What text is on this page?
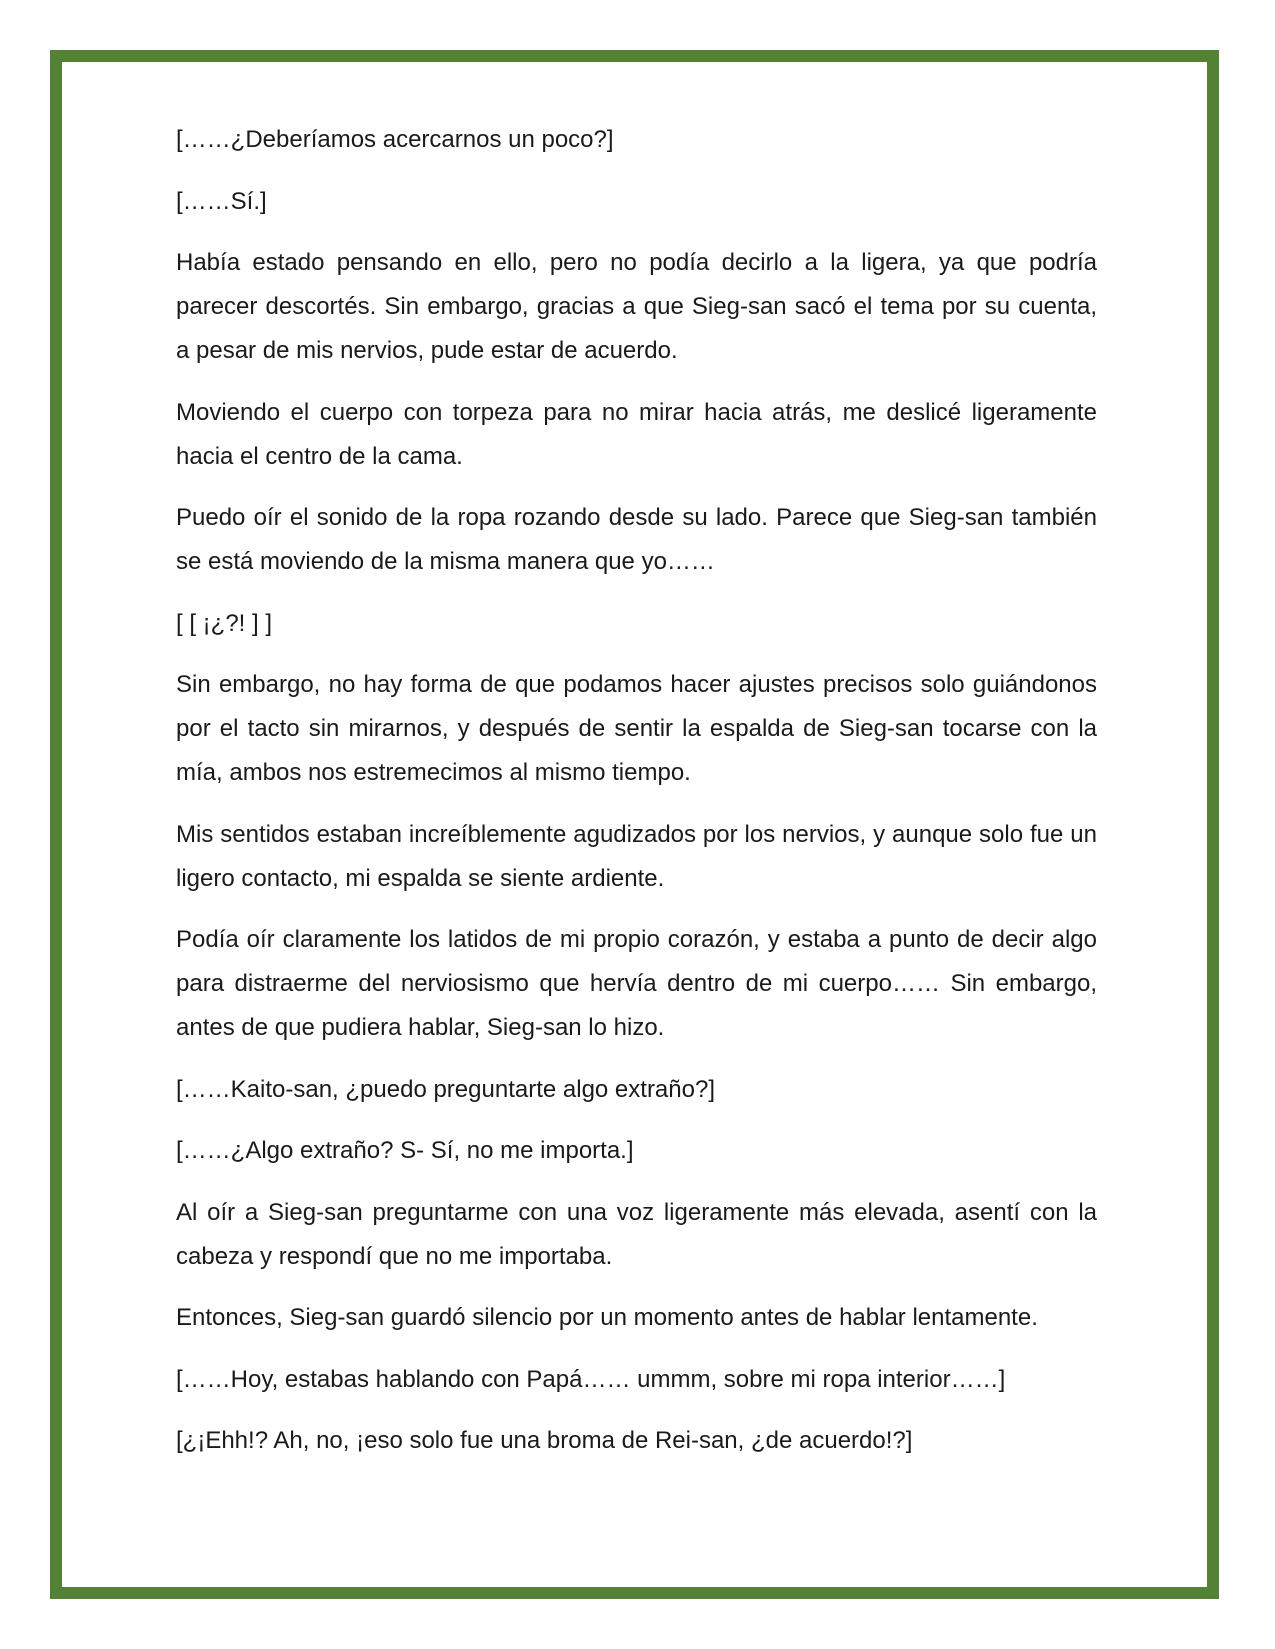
[……¿Deberíamos acercarnos un poco?]

[……Sí.]

Había estado pensando en ello, pero no podía decirlo a la ligera, ya que podría parecer descortés. Sin embargo, gracias a que Sieg-san sacó el tema por su cuenta, a pesar de mis nervios, pude estar de acuerdo.

Moviendo el cuerpo con torpeza para no mirar hacia atrás, me deslicé ligeramente hacia el centro de la cama.

Puedo oír el sonido de la ropa rozando desde su lado. Parece que Sieg-san también se está moviendo de la misma manera que yo……

[ [ ¡¿?! ] ]

Sin embargo, no hay forma de que podamos hacer ajustes precisos solo guiándonos por el tacto sin mirarnos, y después de sentir la espalda de Sieg-san tocarse con la mía, ambos nos estremecimos al mismo tiempo.

Mis sentidos estaban increíblemente agudizados por los nervios, y aunque solo fue un ligero contacto, mi espalda se siente ardiente.

Podía oír claramente los latidos de mi propio corazón, y estaba a punto de decir algo para distraerme del nerviosismo que hervía dentro de mi cuerpo…… Sin embargo, antes de que pudiera hablar, Sieg-san lo hizo.

[……Kaito-san, ¿puedo preguntarte algo extraño?]

[……¿Algo extraño? S- Sí, no me importa.]

Al oír a Sieg-san preguntarme con una voz ligeramente más elevada, asentí con la cabeza y respondí que no me importaba.

Entonces, Sieg-san guardó silencio por un momento antes de hablar lentamente.

[……Hoy, estabas hablando con Papá…… ummm, sobre mi ropa interior……]

[¿¡Ehh!? Ah, no, ¡eso solo fue una broma de Rei-san, ¿de acuerdo!?]
